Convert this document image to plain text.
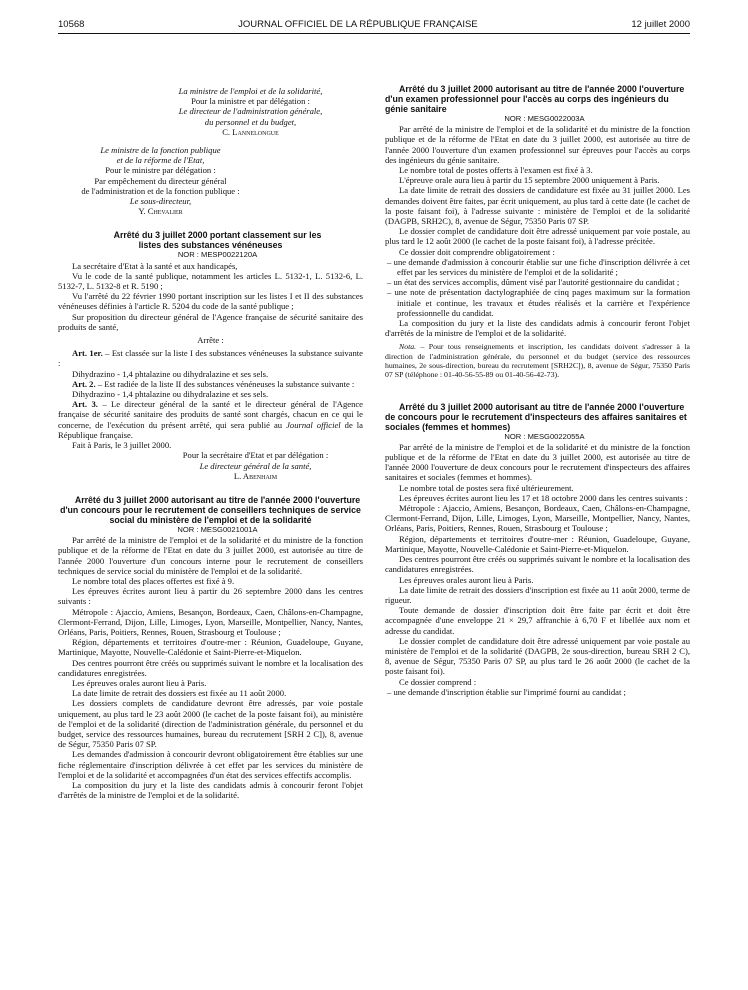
10568	JOURNAL OFFICIEL DE LA RÉPUBLIQUE FRANÇAISE	12 juillet 2000

La ministre de l'emploi et de la solidarité,

Pour la ministre et par délégation :

Le directeur de l'administration générale,

du personnel et du budget,

C. Lannelongue

Le ministre de la fonction publique

et de la réforme de l'Etat,

Pour le ministre par délégation :

Par empêchement du directeur général

de l'administration et de la fonction publique :

Le sous-directeur,

Y. Chevalier

Arrêté du 3 juillet 2000 portant classement sur les listes des substances vénéneuses

NOR : MESP0022120A

La secrétaire d'Etat à la santé et aux handicapés,

Vu le code de la santé publique, notamment les articles L. 5132-1, L. 5132-6, L. 5132-7, L. 5132-8 et R. 5190 ;

Vu l'arrêté du 22 février 1990 portant inscription sur les listes I et II des substances vénéneuses définies à l'article R. 5204 du code de la santé publique ;

Sur proposition du directeur général de l'Agence française de sécurité sanitaire des produits de santé,

Arrête :

Art. 1er. – Est classée sur la liste I des substances vénéneuses la substance suivante :

Dihydrazino - 1,4 phtalazine ou dihydralazine et ses sels.

Art. 2. – Est radiée de la liste II des substances vénéneuses la substance suivante :

Dihydrazino - 1,4 phtalazine ou dihydralazine et ses sels.

Art. 3. – Le directeur général de la santé et le directeur général de l'Agence française de sécurité sanitaire des produits de santé sont chargés, chacun en ce qui le concerne, de l'exécution du présent arrêté, qui sera publié au Journal officiel de la République française.

Fait à Paris, le 3 juillet 2000.

Pour la secrétaire d'Etat et par délégation :

Le directeur général de la santé,

L. Abenhaim

Arrêté du 3 juillet 2000 autorisant au titre de l'année 2000 l'ouverture d'un concours pour le recrutement de conseillers techniques de service social du ministère de l'emploi et de la solidarité

NOR : MESG0021001A

Par arrêté de la ministre de l'emploi et de la solidarité et du ministre de la fonction publique et de la réforme de l'Etat en date du 3 juillet 2000, est autorisée au titre de l'année 2000 l'ouverture d'un concours interne pour le recrutement de conseillers techniques de service social du ministère de l'emploi et de la solidarité.

Le nombre total des places offertes est fixé à 9.

Les épreuves écrites auront lieu à partir du 26 septembre 2000 dans les centres suivants :

Métropole : Ajaccio, Amiens, Besançon, Bordeaux, Caen, Châlons-en-Champagne, Clermont-Ferrand, Dijon, Lille, Limoges, Lyon, Marseille, Montpellier, Nancy, Nantes, Orléans, Paris, Poitiers, Rennes, Rouen, Strasbourg et Toulouse ;

Région, départements et territoires d'outre-mer : Réunion, Guadeloupe, Guyane, Martinique, Mayotte, Nouvelle-Calédonie et Saint-Pierre-et-Miquelon.

Des centres pourront être créés ou supprimés suivant le nombre et la localisation des candidatures enregistrées.

Les épreuves orales auront lieu à Paris.

La date limite de retrait des dossiers est fixée au 11 août 2000.

Les dossiers complets de candidature devront être adressés, par voie postale uniquement, au plus tard le 23 août 2000 (le cachet de la poste faisant foi), au ministère de l'emploi et de la solidarité (direction de l'administration générale, du personnel et du budget, service des ressources humaines, bureau du recrutement [SRH 2 C]), 8, avenue de Ségur, 75350 Paris 07 SP.

Les demandes d'admission à concourir devront obligatoirement être établies sur une fiche réglementaire d'inscription délivrée à cet effet par les services du ministère de l'emploi et de la solidarité et accompagnées d'un état des services effectifs accomplis.

La composition du jury et la liste des candidats admis à concourir feront l'objet d'arrêtés de la ministre de l'emploi et de la solidarité.

Arrêté du 3 juillet 2000 autorisant au titre de l'année 2000 l'ouverture d'un examen professionnel pour l'accès au corps des ingénieurs du génie sanitaire

NOR : MESG0022003A

Par arrêté de la ministre de l'emploi et de la solidarité et du ministre de la fonction publique et de la réforme de l'Etat en date du 3 juillet 2000, est autorisée au titre de l'année 2000 l'ouverture d'un examen professionnel sur épreuves pour l'accès au corps des ingénieurs du génie sanitaire.

Le nombre total de postes offerts à l'examen est fixé à 3.

L'épreuve orale aura lieu à partir du 15 septembre 2000 uniquement à Paris.

La date limite de retrait des dossiers de candidature est fixée au 31 juillet 2000. Les demandes doivent être faites, par écrit uniquement, au plus tard à cette date (le cachet de la poste faisant foi), à l'adresse suivante : ministère de l'emploi et de la solidarité (DAGPB, SRH2C), 8, avenue de Ségur, 75350 Paris 07 SP.

Le dossier complet de candidature doit être adressé uniquement par voie postale, au plus tard le 12 août 2000 (le cachet de la poste faisant foi), à l'adresse précitée.

Ce dossier doit comprendre obligatoirement :

– une demande d'admission à concourir établie sur une fiche d'inscription délivrée à cet effet par les services du ministère de l'emploi et de la solidarité ;

– un état des services accomplis, dûment visé par l'autorité gestionnaire du candidat ;

– une note de présentation dactylographiée de cinq pages maximum sur la formation initiale et continue, les travaux et études réalisés et la carrière et l'expérience professionnelle du candidat.

La composition du jury et la liste des candidats admis à concourir feront l'objet d'arrêtés de la ministre de l'emploi et de la solidarité.

Nota. – Pour tous renseignements et inscription, les candidats doivent s'adresser à la direction de l'administration générale, du personnel et du budget (service des ressources humaines, 2e sous-direction, bureau du recrutement [SRH2C]), 8, avenue de Ségur, 75350 Paris 07 SP (téléphone : 01-40-56-55-89 ou 01-40-56-42-73).

Arrêté du 3 juillet 2000 autorisant au titre de l'année 2000 l'ouverture de concours pour le recrutement d'inspecteurs des affaires sanitaires et sociales (femmes et hommes)

NOR : MESG0022055A

Par arrêté de la ministre de l'emploi et de la solidarité et du ministre de la fonction publique et de la réforme de l'Etat en date du 3 juillet 2000, est autorisée au titre de l'année 2000 l'ouverture de deux concours pour le recrutement d'inspecteurs des affaires sanitaires et sociales (femmes et hommes).

Le nombre total de postes sera fixé ultérieurement.

Les épreuves écrites auront lieu les 17 et 18 octobre 2000 dans les centres suivants :

Métropole : Ajaccio, Amiens, Besançon, Bordeaux, Caen, Châlons-en-Champagne, Clermont-Ferrand, Dijon, Lille, Limoges, Lyon, Marseille, Montpellier, Nancy, Nantes, Orléans, Paris, Poitiers, Rennes, Rouen, Strasbourg et Toulouse ;

Région, départements et territoires d'outre-mer : Réunion, Guadeloupe, Guyane, Martinique, Mayotte, Nouvelle-Calédonie et Saint-Pierre-et-Miquelon.

Des centres pourront être créés ou supprimés suivant le nombre et la localisation des candidatures enregistrées.

Les épreuves orales auront lieu à Paris.

La date limite de retrait des dossiers d'inscription est fixée au 11 août 2000, terme de rigueur.

Toute demande de dossier d'inscription doit être faite par écrit et doit être accompagnée d'une enveloppe 21 × 29,7 affranchie à 6,70 F et libellée aux nom et adresse du candidat.

Le dossier complet de candidature doit être adressé uniquement par voie postale au ministère de l'emploi et de la solidarité (DAGPB, 2e sous-direction, bureau SRH 2 C), 8, avenue de Ségur, 75350 Paris 07 SP, au plus tard le 26 août 2000 (le cachet de la poste faisant foi).

Ce dossier comprend :

– une demande d'inscription établie sur l'imprimé fourni au candidat ;
